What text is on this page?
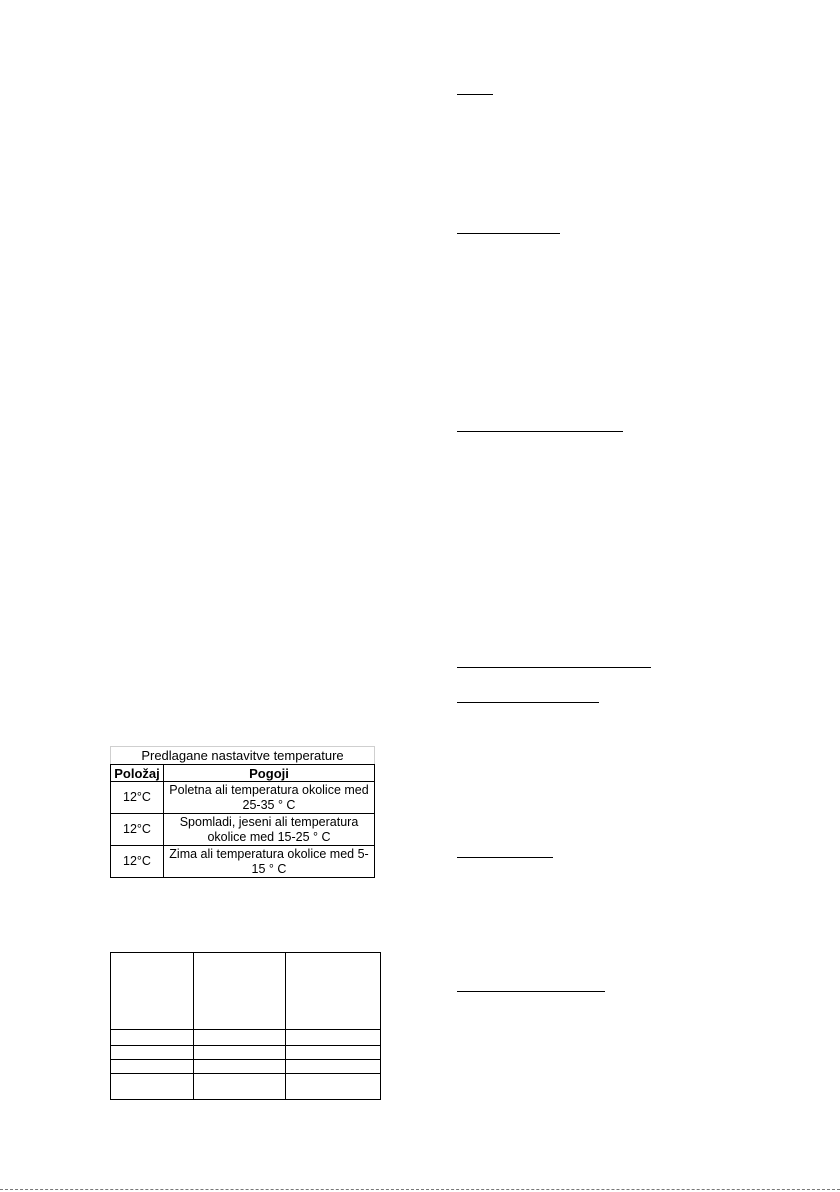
Predlagane nastavitve temperature	
Položaj	Pogoji
12°C	Poletna ali temperatura okolice med 25-35 ° C
12°C	Spomladi, jeseni ali temperatura okolice med 15-25 ° C
12°C	Zima ali temperatura okolice med 5-15 ° C
